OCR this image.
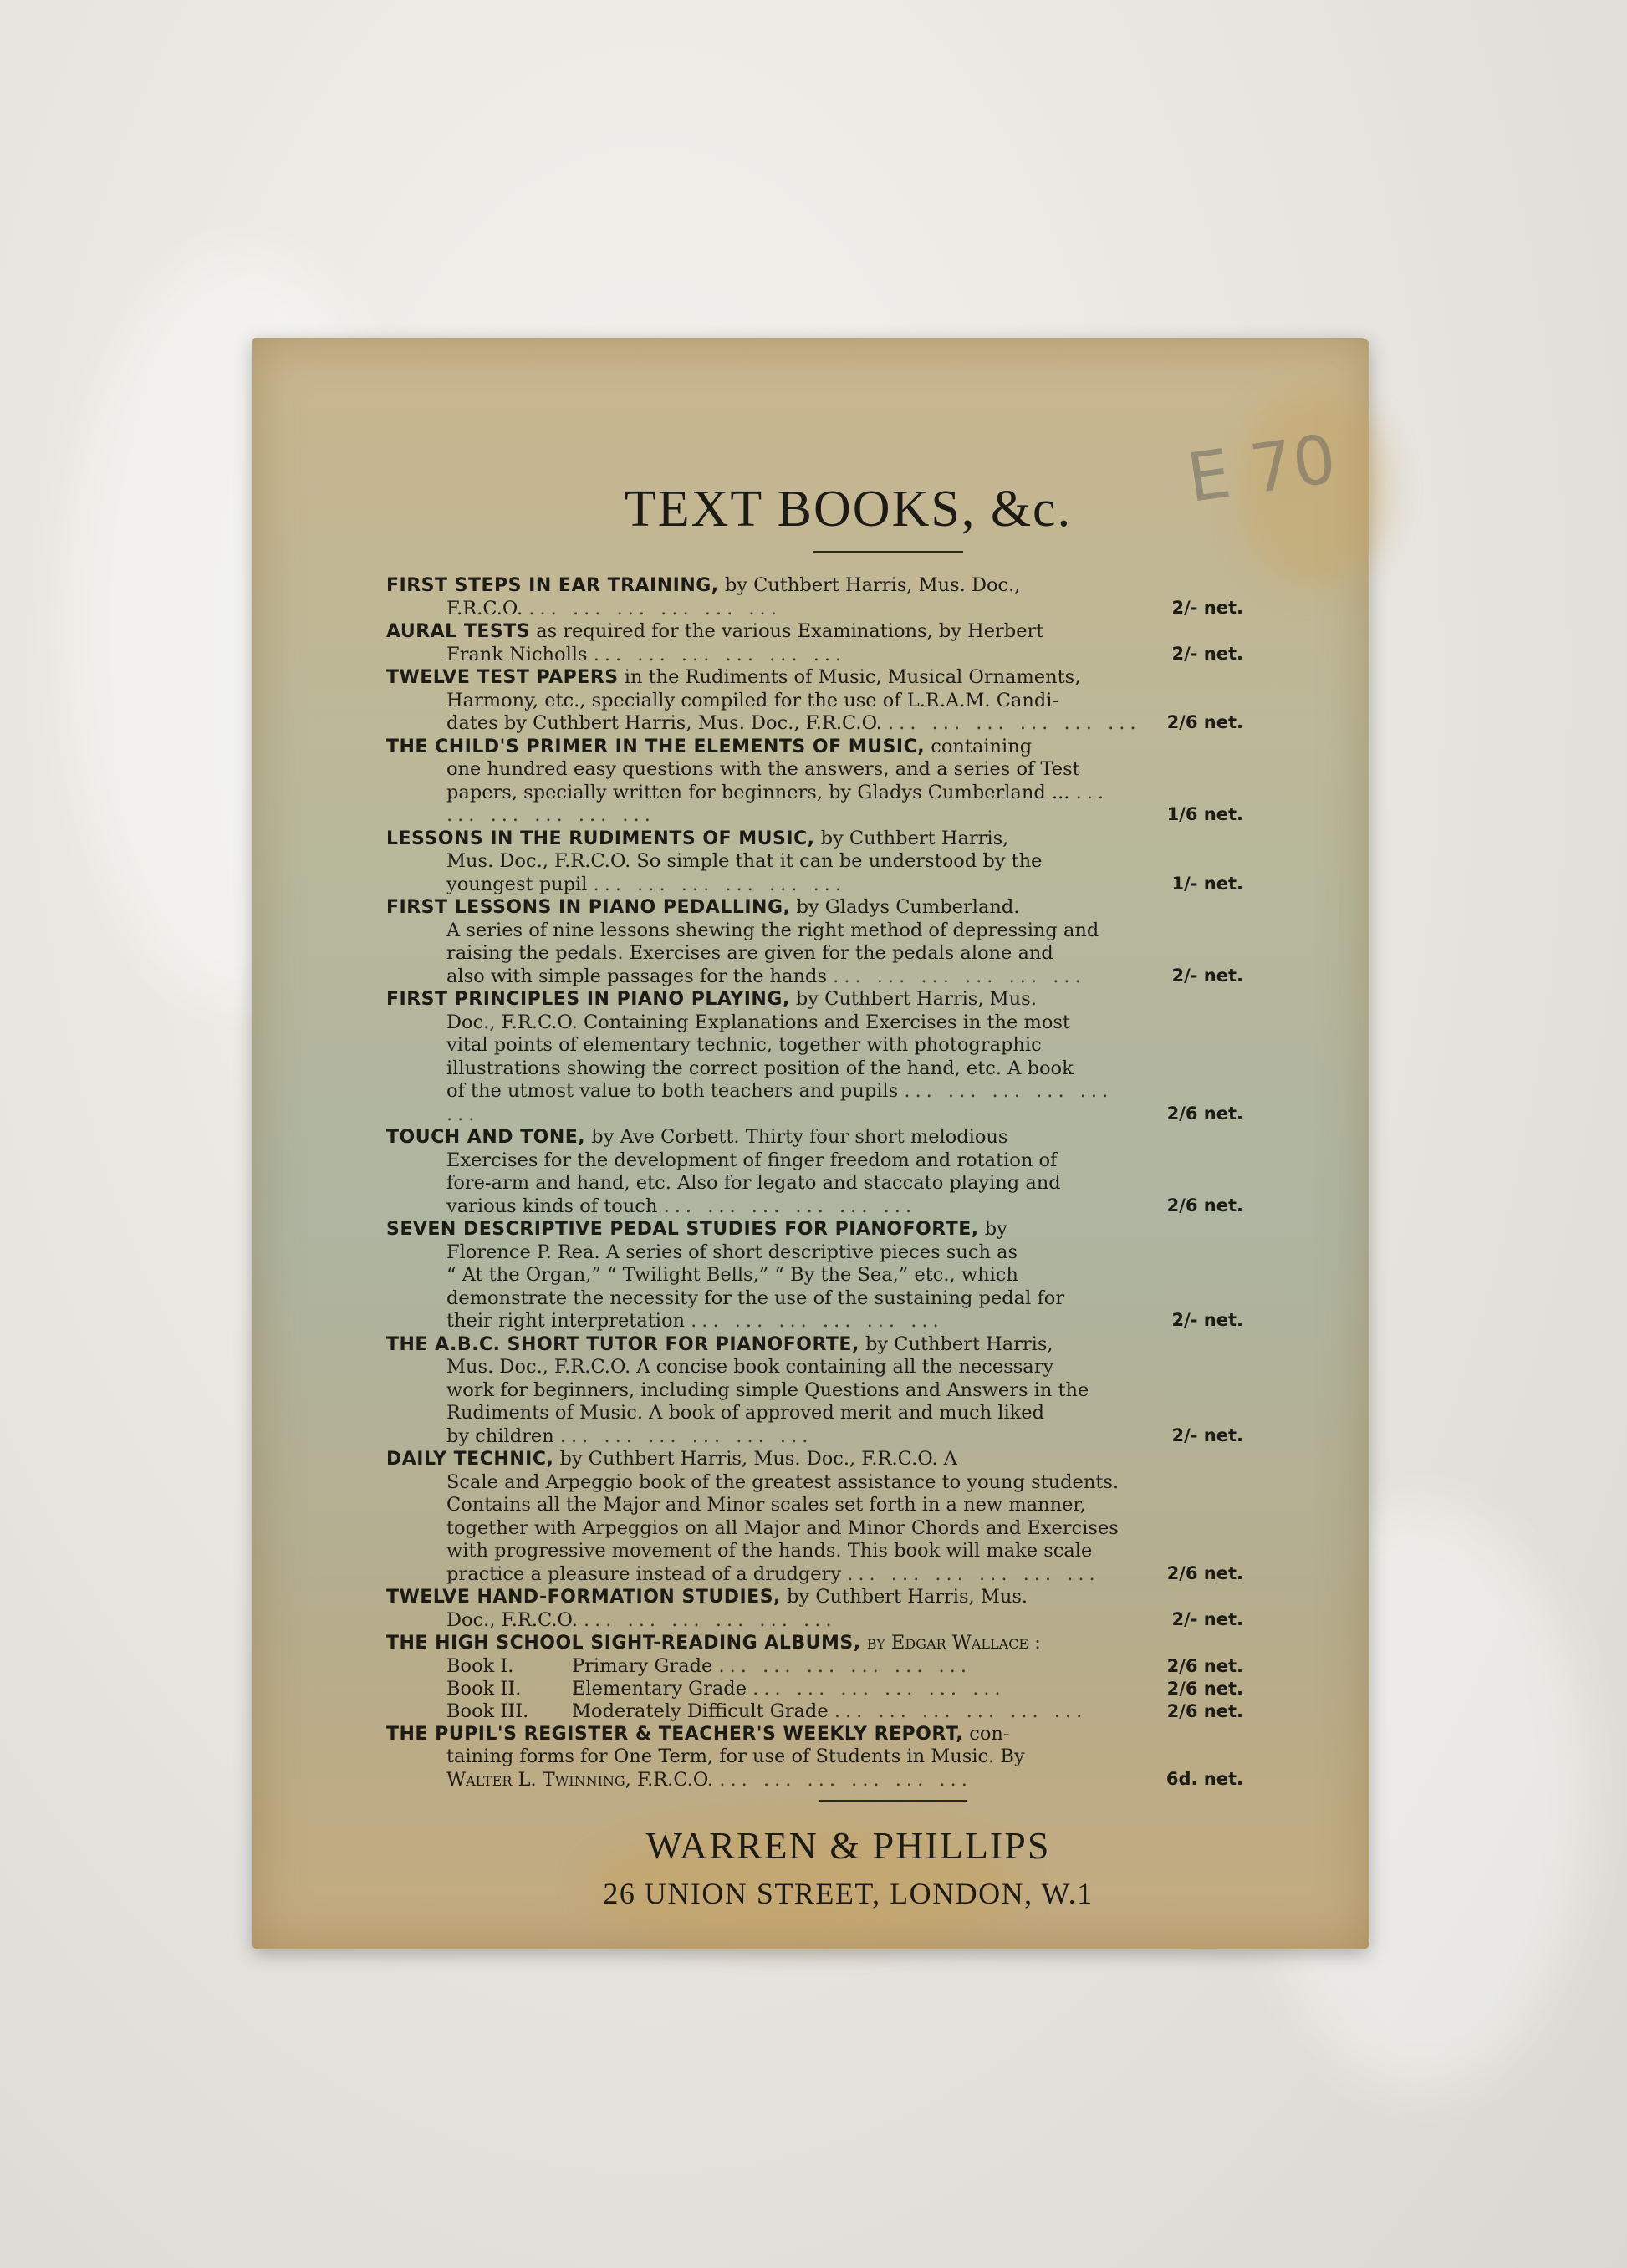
E 70
TEXT BOOKS, &c.
FIRST STEPS IN EAR TRAINING, by Cuthbert Harris, Mus. Doc.,
F.R.C.O. ... ... ... ... ... ...	2/- net.
AURAL TESTS as required for the various Examinations, by Herbert
Frank Nicholls ... ... ... ... ... ...	2/- net.
TWELVE TEST PAPERS in the Rudiments of Music, Musical Ornaments,
Harmony, etc., specially compiled for the use of L.R.A.M. Candi-
dates by Cuthbert Harris, Mus. Doc., F.R.C.O. ... ... ... ... ... ...	2/6 net.
THE CHILD'S PRIMER IN THE ELEMENTS OF MUSIC, containing
one hundred easy questions with the answers, and a series of Test
papers, specially written for beginners, by Gladys Cumberland ... ... ... ... ... ... ...	1/6 net.
LESSONS IN THE RUDIMENTS OF MUSIC, by Cuthbert Harris,
Mus. Doc., F.R.C.O. So simple that it can be understood by the
youngest pupil ... ... ... ... ... ...	1/- net.
FIRST LESSONS IN PIANO PEDALLING, by Gladys Cumberland.
A series of nine lessons shewing the right method of depressing and
raising the pedals. Exercises are given for the pedals alone and
also with simple passages for the hands ... ... ... ... ... ...	2/- net.
FIRST PRINCIPLES IN PIANO PLAYING, by Cuthbert Harris, Mus.
Doc., F.R.C.O. Containing Explanations and Exercises in the most
vital points of elementary technic, together with photographic
illustrations showing the correct position of the hand, etc. A book
of the utmost value to both teachers and pupils ... ... ... ... ... ...	2/6 net.
TOUCH AND TONE, by Ave Corbett. Thirty four short melodious
Exercises for the development of finger freedom and rotation of
fore-arm and hand, etc. Also for legato and staccato playing and
various kinds of touch ... ... ... ... ... ...	2/6 net.
SEVEN DESCRIPTIVE PEDAL STUDIES FOR PIANOFORTE, by
Florence P. Rea. A series of short descriptive pieces such as
“ At the Organ,” “ Twilight Bells,” “ By the Sea,” etc., which
demonstrate the necessity for the use of the sustaining pedal for
their right interpretation ... ... ... ... ... ...	2/- net.
THE A.B.C. SHORT TUTOR FOR PIANOFORTE, by Cuthbert Harris,
Mus. Doc., F.R.C.O. A concise book containing all the necessary
work for beginners, including simple Questions and Answers in the
Rudiments of Music. A book of approved merit and much liked
by children ... ... ... ... ... ...	2/- net.
DAILY TECHNIC, by Cuthbert Harris, Mus. Doc., F.R.C.O. A
Scale and Arpeggio book of the greatest assistance to young students.
Contains all the Major and Minor scales set forth in a new manner,
together with Arpeggios on all Major and Minor Chords and Exercises
with progressive movement of the hands. This book will make scale
practice a pleasure instead of a drudgery ... ... ... ... ... ...	2/6 net.
TWELVE HAND-FORMATION STUDIES, by Cuthbert Harris, Mus.
Doc., F.R.C.O. ... ... ... ... ... ...	2/- net.
THE HIGH SCHOOL SIGHT-READING ALBUMS, by Edgar Wallace :
Book I.	Primary Grade ... ... ... ... ... ...	2/6 net.
Book II.	Elementary Grade ... ... ... ... ... ...	2/6 net.
Book III.	Moderately Difficult Grade ... ... ... ... ... ...	2/6 net.
THE PUPIL'S REGISTER & TEACHER'S WEEKLY REPORT, con-
taining forms for One Term, for use of Students in Music. By
Walter L. Twinning, F.R.C.O. ... ... ... ... ... ...	6d. net.
WARREN & PHILLIPS
26 UNION STREET, LONDON, W.1
